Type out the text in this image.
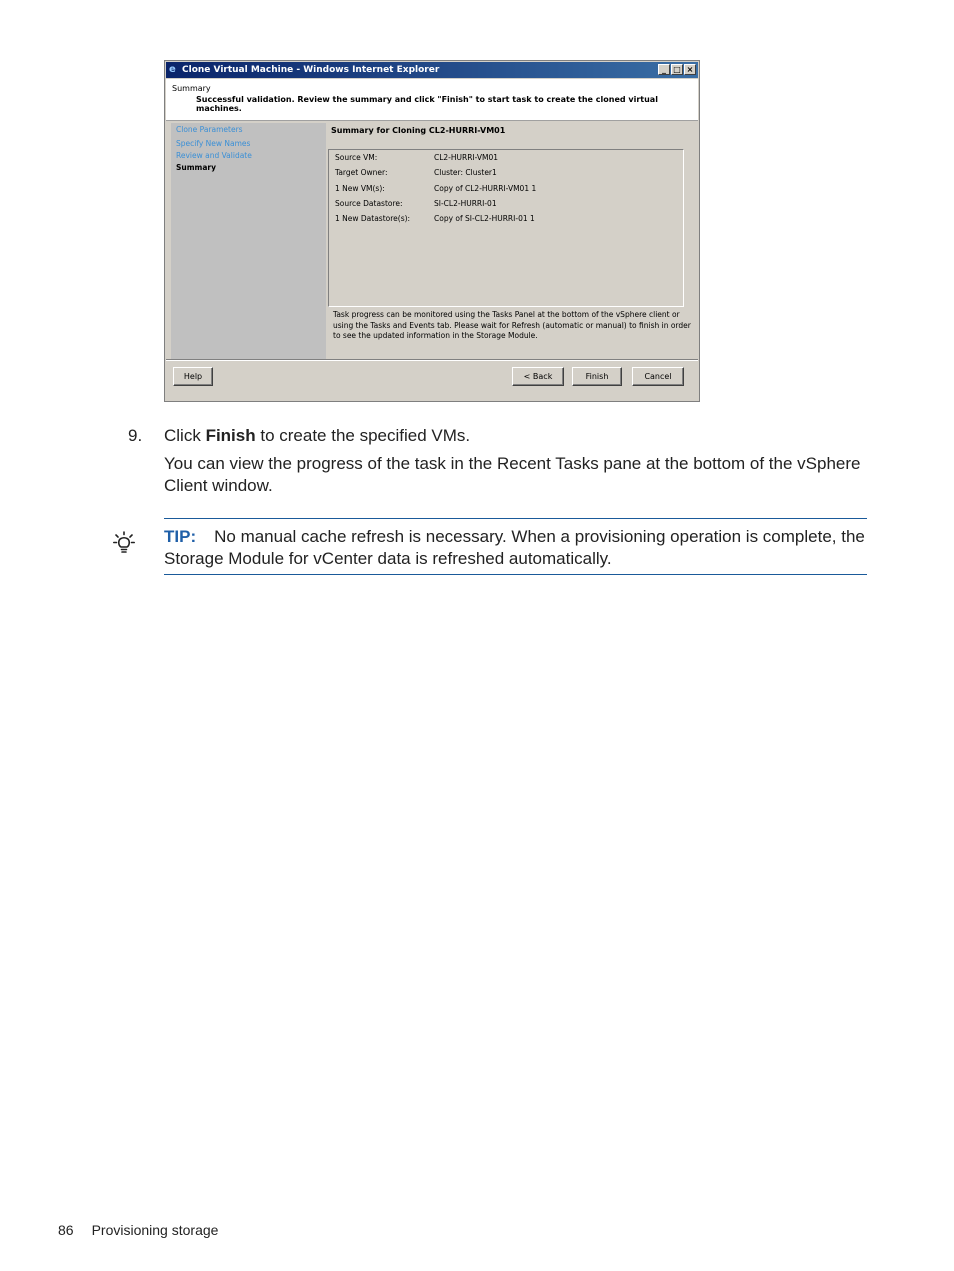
e Clone Virtual Machine - Windows Internet Explorer	_ □ ×
Summary
Successful validation. Review the summary and click "Finish" to start task to create the cloned virtual machines.
Clone Parameters
Specify New Names
Review and Validate
Summary
Summary for Cloning CL2-HURRI-VM01
Source VM:	CL2-HURRI-VM01
Target Owner:	Cluster: Cluster1
1 New VM(s):	Copy of CL2-HURRI-VM01 1
Source Datastore:	SI-CL2-HURRI-01
1 New Datastore(s):	Copy of SI-CL2-HURRI-01 1
Task progress can be monitored using the Tasks Panel at the bottom of the vSphere client or using the Tasks and Events tab. Please wait for Refresh (automatic or manual) to finish in order to see the updated information in the Storage Module.
Help	< Back	Finish	Cancel
9. Click Finish to create the specified VMs.
You can view the progress of the task in the Recent Tasks pane at the bottom of the vSphere Client window.
TIP: No manual cache refresh is necessary. When a provisioning operation is complete, the Storage Module for vCenter data is refreshed automatically.
86 Provisioning storage
